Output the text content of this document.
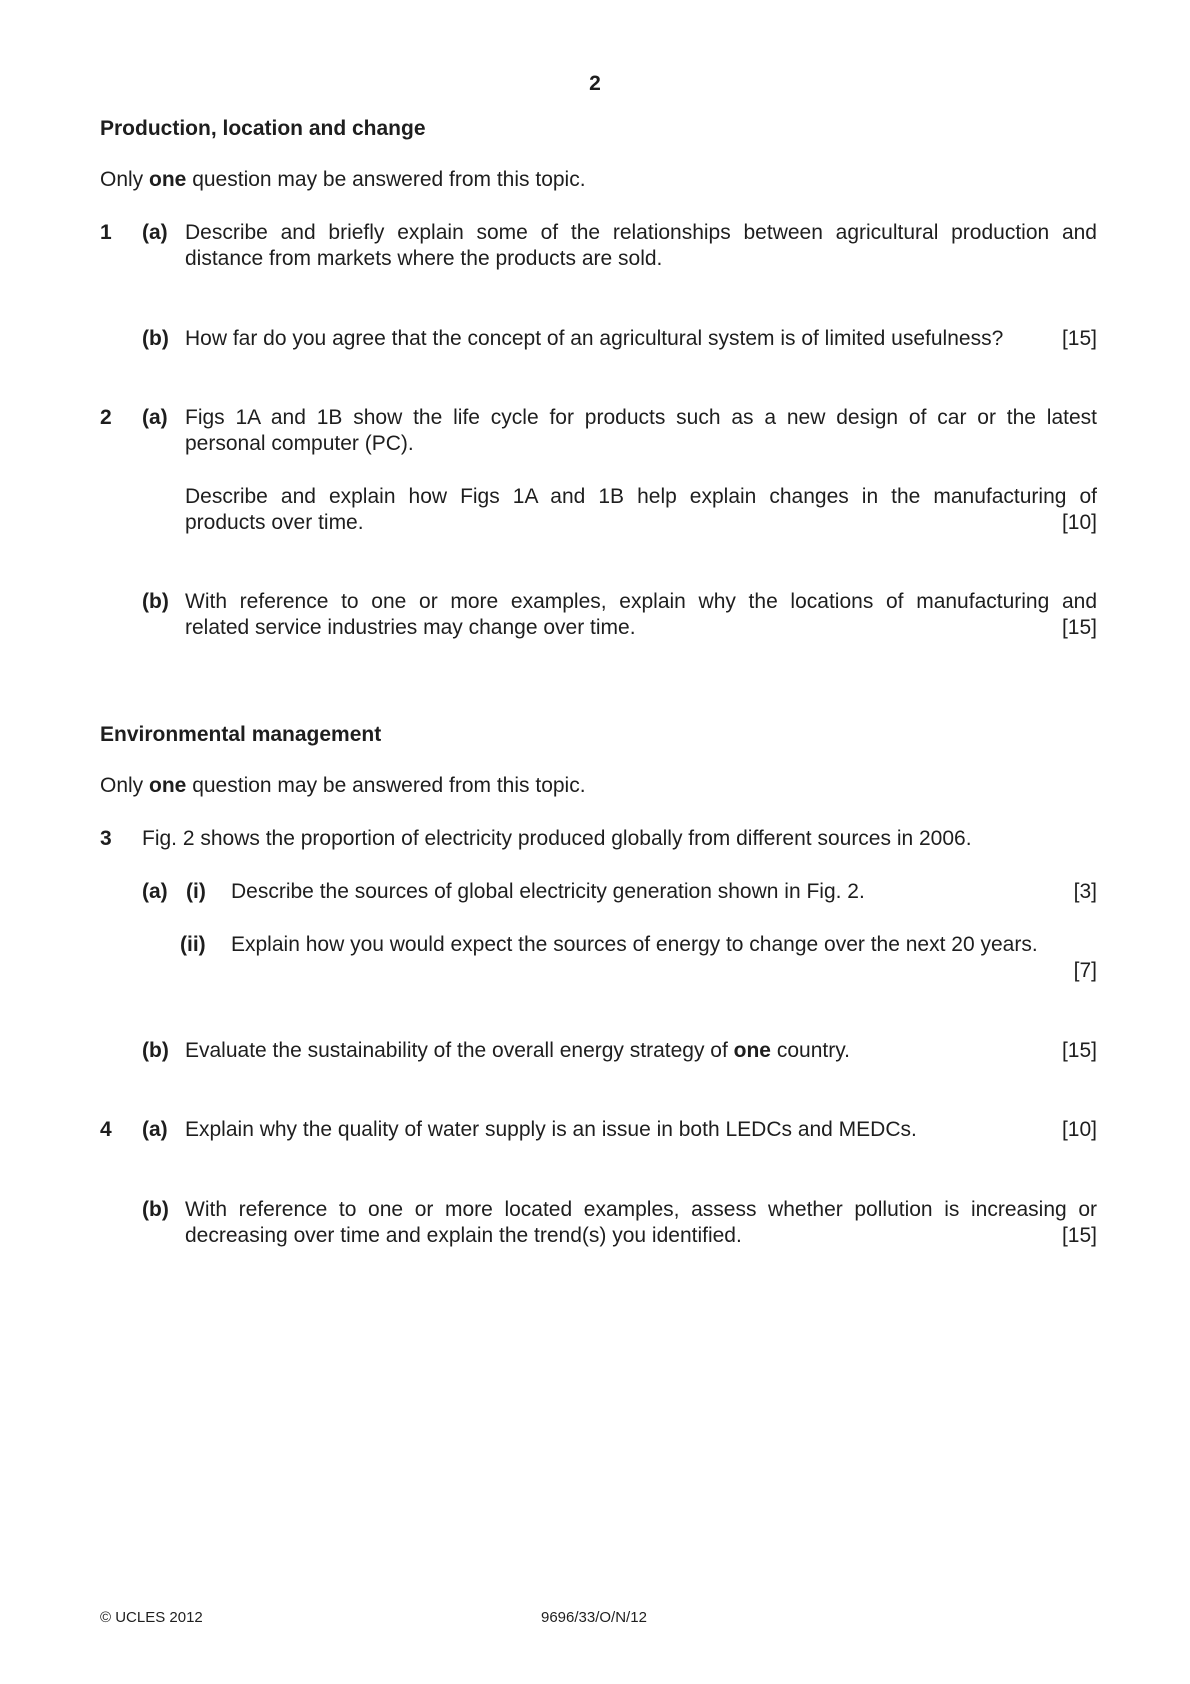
2
Production, location and change
Only one question may be answered from this topic.
1 (a) Describe and briefly explain some of the relationships between agricultural production and
distance from markets where the products are sold.
(b) How far do you agree that the concept of an agricultural system is of limited usefulness?	[15]
2 (a) Figs 1A and 1B show the life cycle for products such as a new design of car or the latest
personal computer (PC).
Describe and explain how Figs 1A and 1B help explain changes in the manufacturing of
products over time.	[10]
(b) With reference to one or more examples, explain why the locations of manufacturing and
related service industries may change over time.	[15]
Environmental management
Only one question may be answered from this topic.
3 Fig. 2 shows the proportion of electricity produced globally from different sources in 2006.
(a) (i) Describe the sources of global electricity generation shown in Fig. 2.	[3]
(ii) Explain how you would expect the sources of energy to change over the next 20 years.
[7]
(b) Evaluate the sustainability of the overall energy strategy of one country.	[15]
4 (a) Explain why the quality of water supply is an issue in both LEDCs and MEDCs.	[10]
(b) With reference to one or more located examples, assess whether pollution is increasing or
decreasing over time and explain the trend(s) you identified.	[15]
© UCLES 2012	9696/33/O/N/12
